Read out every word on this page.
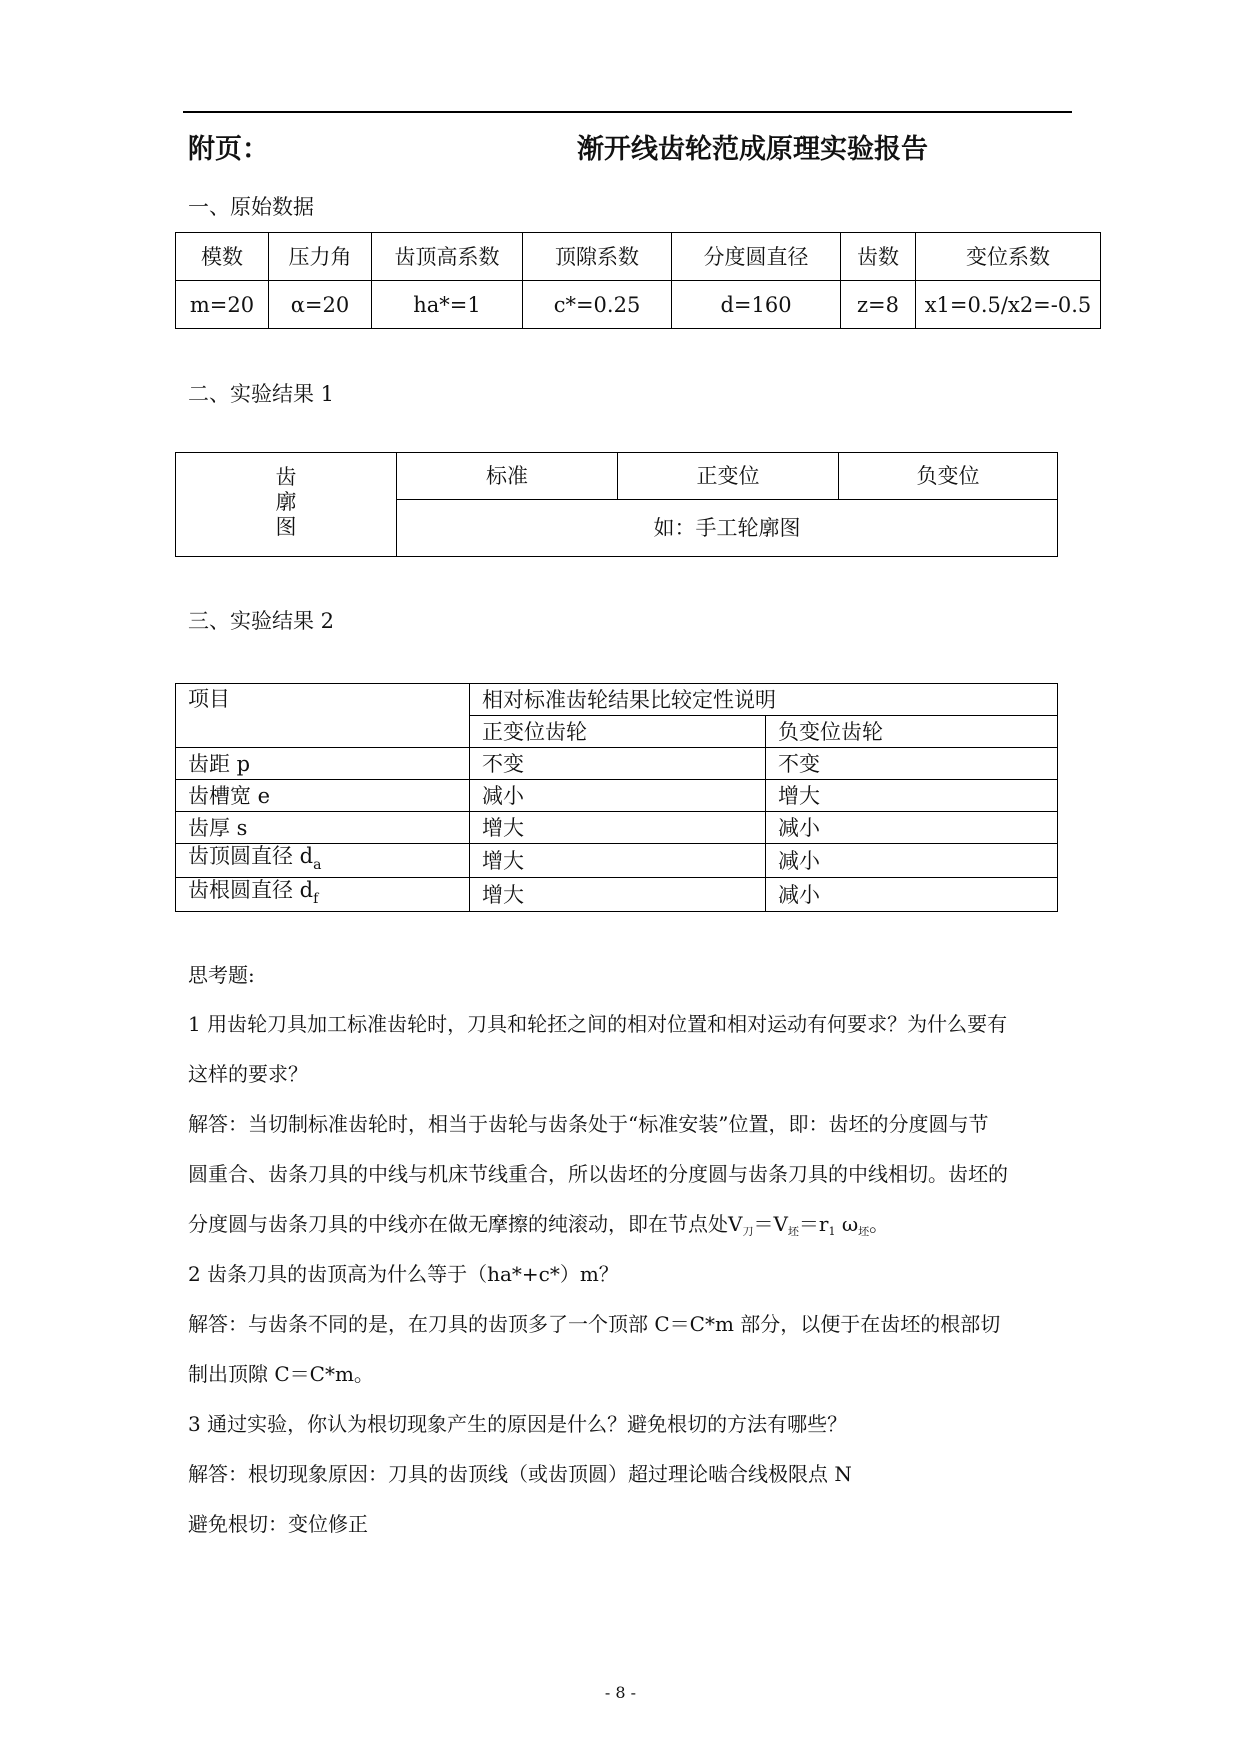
附页：	渐开线齿轮范成原理实验报告
一、原始数据
模数	压力角	齿顶高系数	顶隙系数	分度圆直径	齿数	变位系数
m=20	α=20	ha*=1	c*=0.25	d=160	z=8	x1=0.5/x2=-0.5
二、实验结果 1
齿
廓
图	标准	正变位	负变位
如：手工轮廓图
三、实验结果 2
项目	相对标准齿轮结果比较定性说明	
	正变位齿轮	负变位齿轮
齿距 p	不变	不变
齿槽宽 e	减小	增大
齿厚 s	增大	减小
齿顶圆直径 $d_a$	增大	减小
齿根圆直径 $d_f$	增大	减小
思考题:
1 用齿轮刀具加工标准齿轮时，刀具和轮抷之间的相对位置和相对运动有何要求？为什么要有
这样的要求？
解答：当切制标准齿轮时，相当于齿轮与齿条处于“标准安装”位置，即：齿坯的分度圆与节
圆重合、齿条刀具的中线与机床节线重合，所以齿坯的分度圆与齿条刀具的中线相切。齿坯的
分度圆与齿条刀具的中线亦在做无摩擦的纯滚动，即在节点处$V_刀=V_坯=r_1$ $\omega_坯$。
2 齿条刀具的齿顶高为什么等于（ha*+c*）m？
解答：与齿条不同的是，在刀具的齿顶多了一个顶部 C＝C*m 部分，以便于在齿坯的根部切
制出顶隙 C＝C*m。
3 通过实验，你认为根切现象产生的原因是什么？避免根切的方法有哪些？
解答：根切现象原因：刀具的齿顶线（或齿顶圆）超过理论啮合线极限点 N
避免根切：变位修正
- 8 -
